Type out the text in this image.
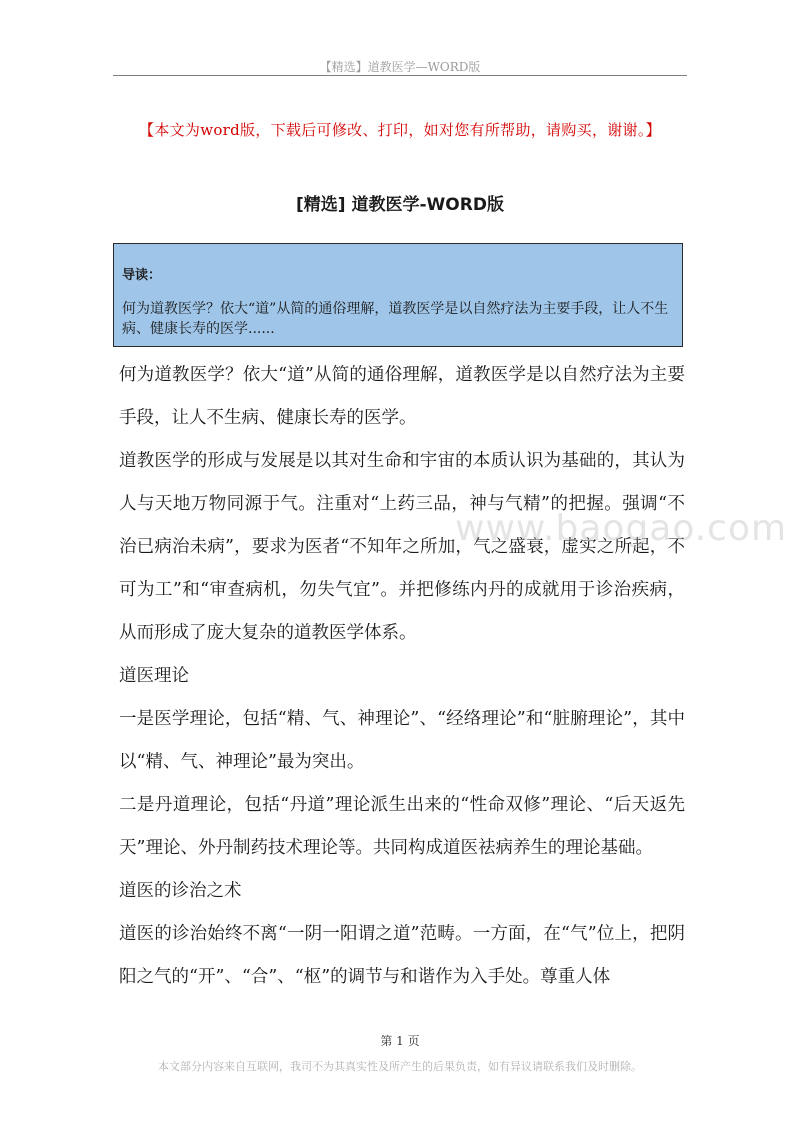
【精选】道教医学—WORD版
【本文为word版，下载后可修改、打印，如对您有所帮助，请购买，谢谢。】
[精选] 道教医学-WORD版
导读：
何为道教医学？依大“道”从简的通俗理解，道教医学是以自然疗法为主要手段，让人不生病、健康长寿的医学......

何为道教医学？依大“道”从简的通俗理解，道教医学是以自然疗法为主要手段，让人不生病、健康长寿的医学。

道教医学的形成与发展是以其对生命和宇宙的本质认识为基础的，其认为人与天地万物同源于气。注重对“上药三品，神与气精”的把握。强调“不治已病治未病”，要求为医者“不知年之所加，气之盛衰，虚实之所起，不可为工”和“审查病机，勿失气宜”。并把修练内丹的成就用于诊治疾病，从而形成了庞大复杂的道教医学体系。

道医理论

一是医学理论，包括“精、气、神理论”、“经络理论”和“脏腑理论”，其中以“精、气、神理论”最为突出。

二是丹道理论，包括“丹道”理论派生出来的“性命双修”理论、“后天返先天”理论、外丹制药技术理论等。共同构成道医祛病养生的理论基础。

道医的诊治之术

道医的诊治始终不离“一阴一阳谓之道”范畴。一方面，在“气”位上，把阴阳之气的“开”、“合”、“枢”的调节与和谐作为入手处。尊重人体

www.baogao.com
第 1 页
本文部分内容来自互联网，我司不为其真实性及所产生的后果负责，如有异议请联系我们及时删除。
